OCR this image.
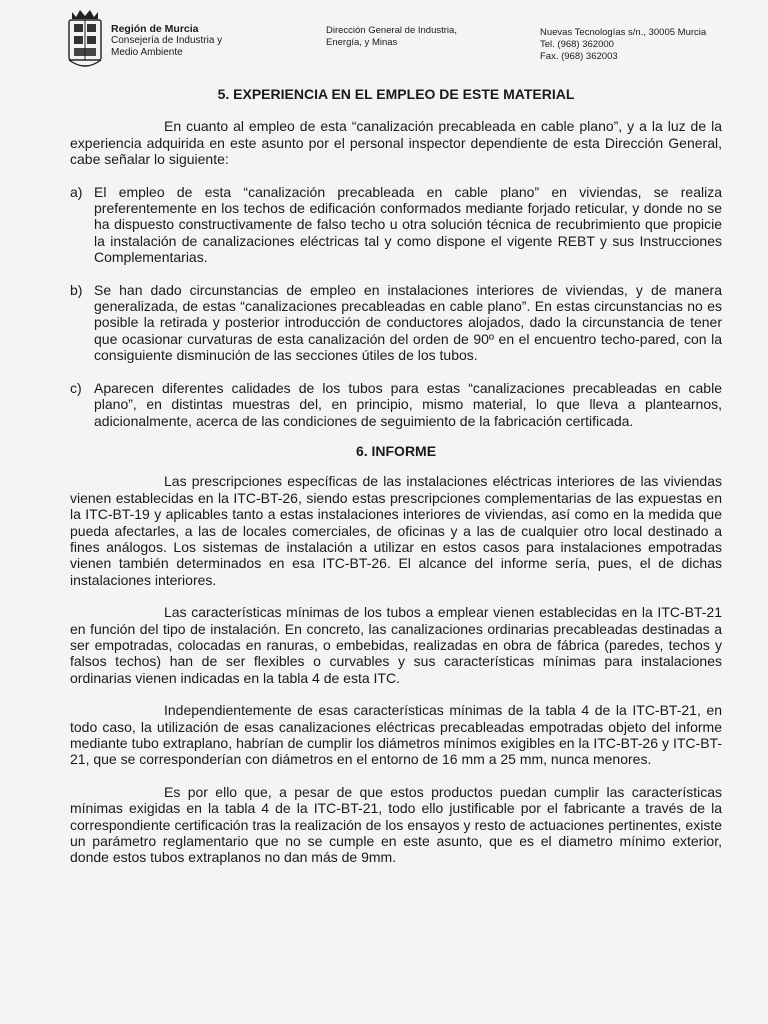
Región de Murcia
Consejería de Industria y
Medio Ambiente
Dirección General de Industria,
Energía, y Minas
Nuevas Tecnologías s/n., 30005 Murcia
Tel. (968) 362000
Fax. (968) 362003
5. EXPERIENCIA EN EL EMPLEO DE ESTE MATERIAL

En cuanto al empleo de esta “canalización precableada en cable plano”, y a la luz de la experiencia adquirida en este asunto por el personal inspector dependiente de esta Dirección General, cabe señalar lo siguiente:

a) El empleo de esta “canalización precableada en cable plano” en viviendas, se realiza preferentemente en los techos de edificación conformados mediante forjado reticular, y donde no se ha dispuesto constructivamente de falso techo u otra solución técnica de recubrimiento que propicie la instalación de canalizaciones eléctricas tal y como dispone el vigente REBT y sus Instrucciones Complementarias.

b) Se han dado circunstancias de empleo en instalaciones interiores de viviendas, y de manera generalizada, de estas “canalizaciones precableadas en cable plano”. En estas circunstancias no es posible la retirada y posterior introducción de conductores alojados, dado la circunstancia de tener que ocasionar curvaturas de esta canalización del orden de 90º en el encuentro techo-pared, con la consiguiente disminución de las secciones útiles de los tubos.

c) Aparecen diferentes calidades de los tubos para estas “canalizaciones precableadas en cable plano”, en distintas muestras del, en principio, mismo material, lo que lleva a plantearnos, adicionalmente, acerca de las condiciones de seguimiento de la fabricación certificada.

6. INFORME

Las prescripciones específicas de las instalaciones eléctricas interiores de las viviendas vienen establecidas en la ITC-BT-26, siendo estas prescripciones complementarias de las expuestas en la ITC-BT-19 y aplicables tanto a estas instalaciones interiores de viviendas, así como en la medida que pueda afectarles, a las de locales comerciales, de oficinas y a las de cualquier otro local destinado a fines análogos. Los sistemas de instalación a utilizar en estos casos para instalaciones empotradas vienen también determinados en esa ITC-BT-26. El alcance del informe sería, pues, el de dichas instalaciones interiores.

Las características mínimas de los tubos a emplear vienen establecidas en la ITC-BT-21 en función del tipo de instalación. En concreto, las canalizaciones ordinarias precableadas destinadas a ser empotradas, colocadas en ranuras, o embebidas, realizadas en obra de fábrica (paredes, techos y falsos techos) han de ser flexibles o curvables y sus características mínimas para instalaciones ordinarias vienen indicadas en la tabla 4 de esta ITC.

Independientemente de esas características mínimas de la tabla 4 de la ITC-BT-21, en todo caso, la utilización de esas canalizaciones eléctricas precableadas empotradas objeto del informe mediante tubo extraplano, habrían de cumplir los diámetros mínimos exigibles en la ITC-BT-26 y ITC-BT-21, que se corresponderían con diámetros en el entorno de 16 mm a 25 mm, nunca menores.

Es por ello que, a pesar de que estos productos puedan cumplir las características mínimas exigidas en la tabla 4 de la ITC-BT-21, todo ello justificable por el fabricante a través de la correspondiente certificación tras la realización de los ensayos y resto de actuaciones pertinentes, existe un parámetro reglamentario que no se cumple en este asunto, que es el diametro mínimo exterior, donde estos tubos extraplanos no dan más de 9mm.
